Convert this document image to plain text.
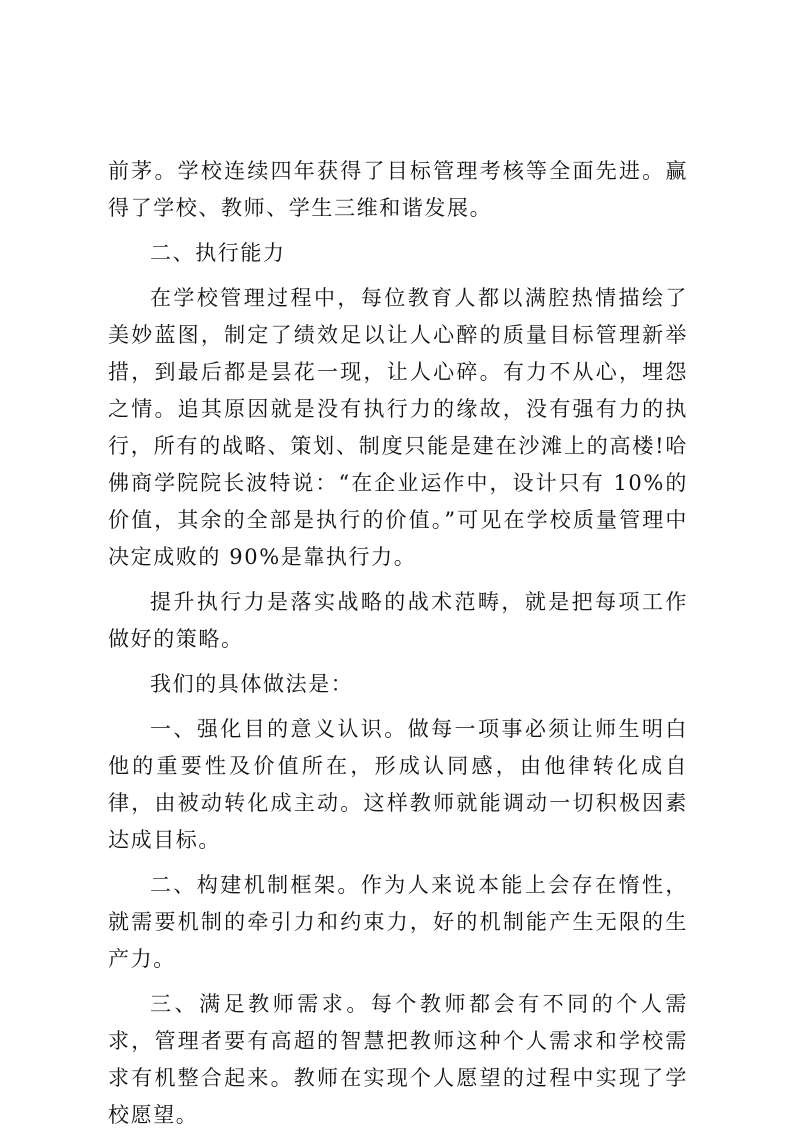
前茅。学校连续四年获得了目标管理考核等全面先进。赢得了学校、教师、学生三维和谐发展。

二、执行能力

在学校管理过程中，每位教育人都以满腔热情描绘了美妙蓝图，制定了绩效足以让人心醉的质量目标管理新举措，到最后都是昙花一现，让人心碎。有力不从心，埋怨之情。追其原因就是没有执行力的缘故，没有强有力的执行，所有的战略、策划、制度只能是建在沙滩上的高楼!哈佛商学院院长波特说：“在企业运作中，设计只有 10%的价值，其余的全部是执行的价值。”可见在学校质量管理中决定成败的 90%是靠执行力。

提升执行力是落实战略的战术范畴，就是把每项工作做好的策略。

我们的具体做法是：

一、强化目的意义认识。做每一项事必须让师生明白他的重要性及价值所在，形成认同感，由他律转化成自律，由被动转化成主动。这样教师就能调动一切积极因素达成目标。

二、构建机制框架。作为人来说本能上会存在惰性，就需要机制的牵引力和约束力，好的机制能产生无限的生产力。

三、满足教师需求。每个教师都会有不同的个人需求，管理者要有高超的智慧把教师这种个人需求和学校需求有机整合起来。教师在实现个人愿望的过程中实现了学校愿望。
